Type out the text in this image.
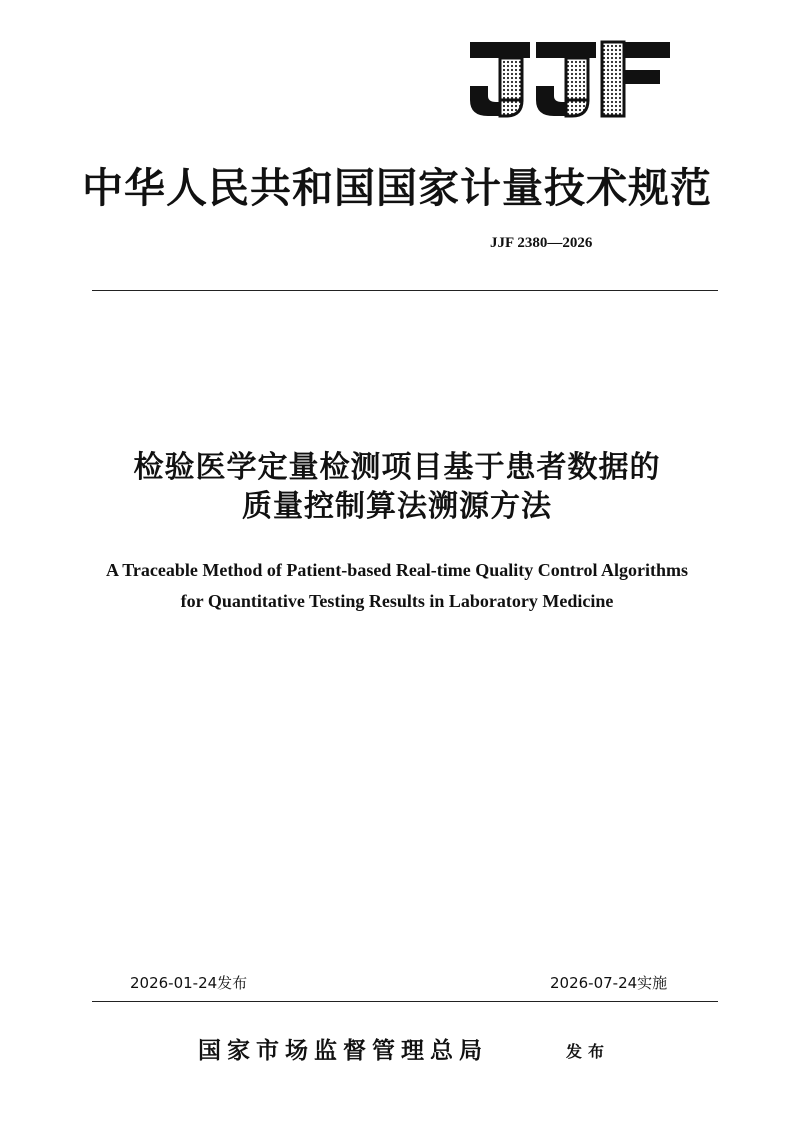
中华人民共和国国家计量技术规范
JJF 2380—2026
检验医学定量检测项目基于患者数据的
质量控制算法溯源方法
A Traceable Method of Patient-based Real-time Quality Control Algorithms
for Quantitative Testing Results in Laboratory Medicine
2026-01-24发布	2026-07-24实施
国家市场监督管理总局	发布
